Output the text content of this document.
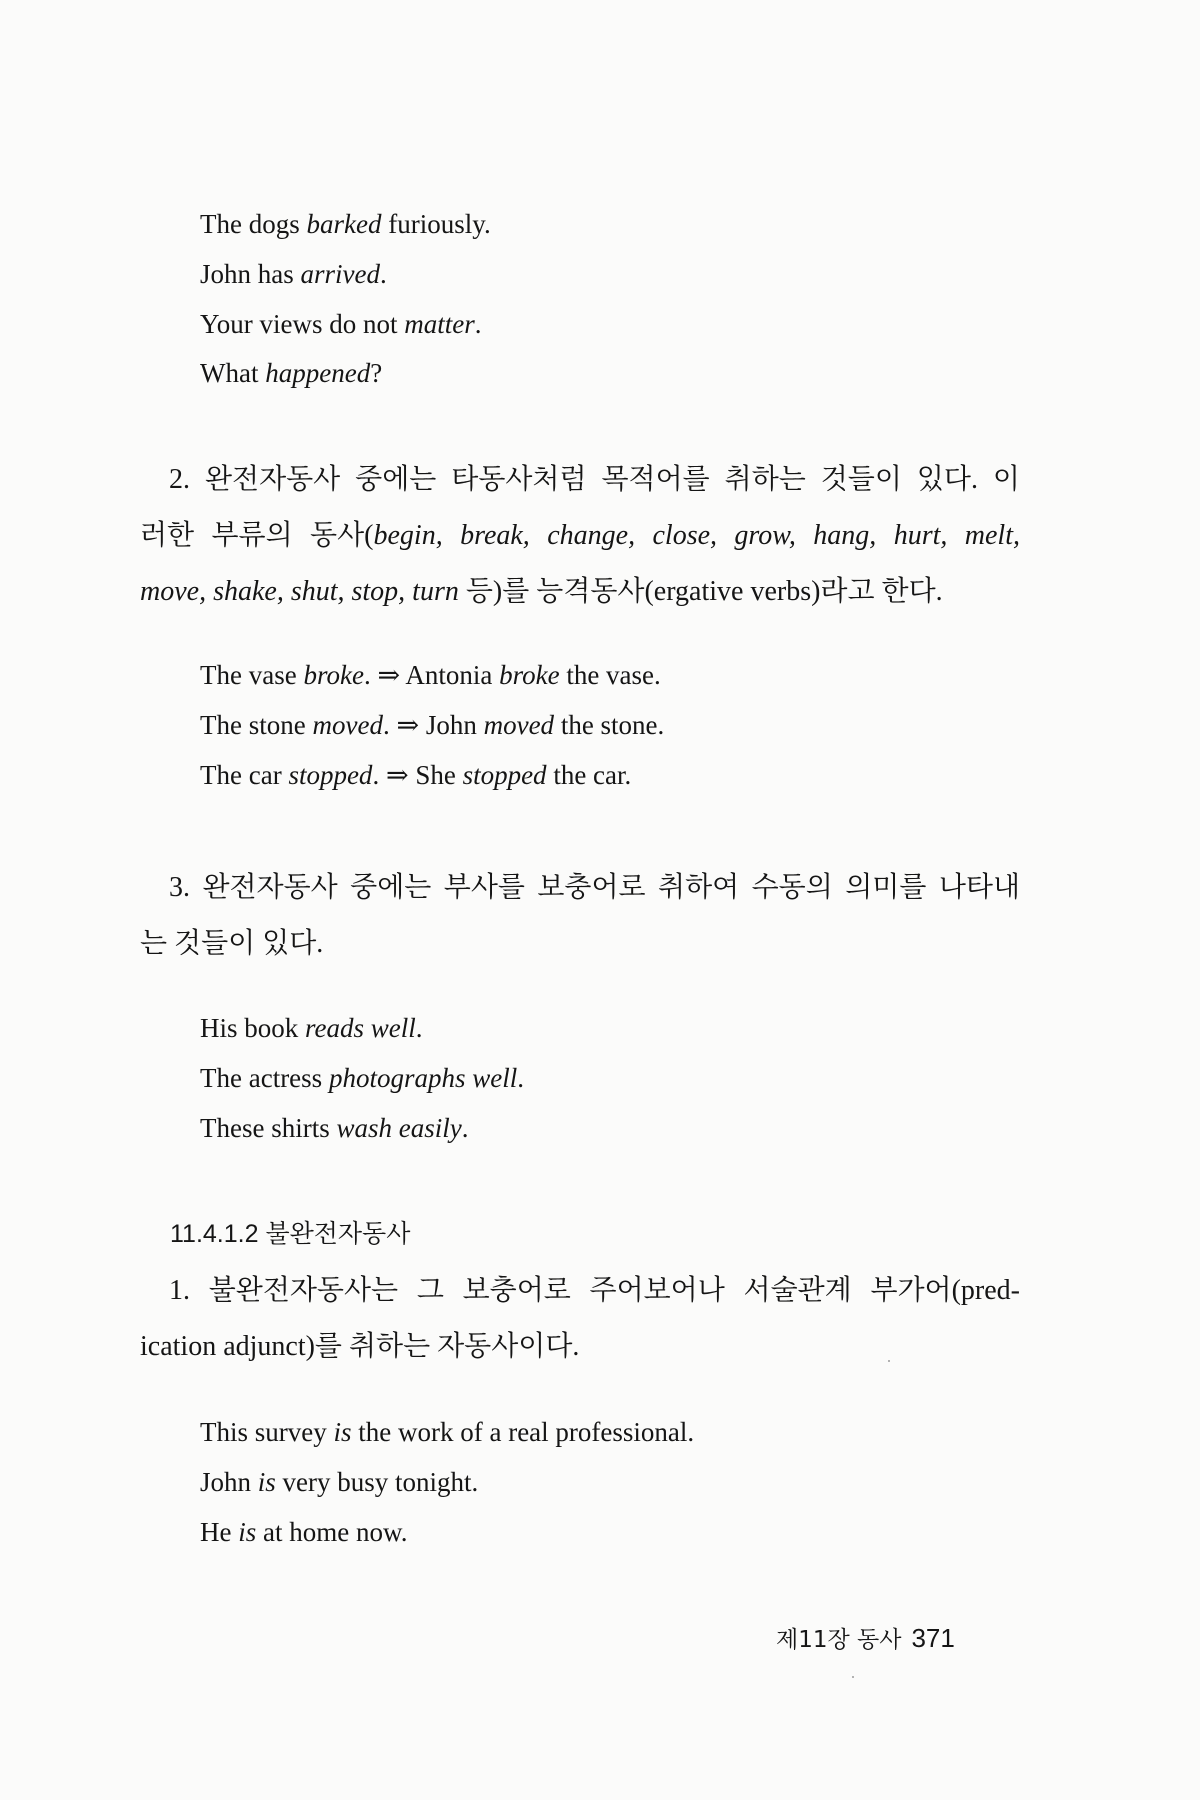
The dogs barked furiously.
John has arrived.
Your views do not matter.
What happened?
2. 완전자동사 중에는 타동사처럼 목적어를 취하는 것들이 있다. 이
러한 부류의 동사(begin, break, change, close, grow, hang, hurt, melt,
move, shake, shut, stop, turn 등)를 능격동사(ergative verbs)라고 한다.
The vase broke. ⇒ Antonia broke the vase.
The stone moved. ⇒ John moved the stone.
The car stopped. ⇒ She stopped the car.
3. 완전자동사 중에는 부사를 보충어로 취하여 수동의 의미를 나타내
는 것들이 있다.
His book reads well.
The actress photographs well.
These shirts wash easily.
11.4.1.2 불완전자동사
1. 불완전자동사는 그 보충어로 주어보어나 서술관계 부가어(pred-
ication adjunct)를 취하는 자동사이다.
This survey is the work of a real professional.
John is very busy tonight.
He is at home now.
제11장 동사 371
